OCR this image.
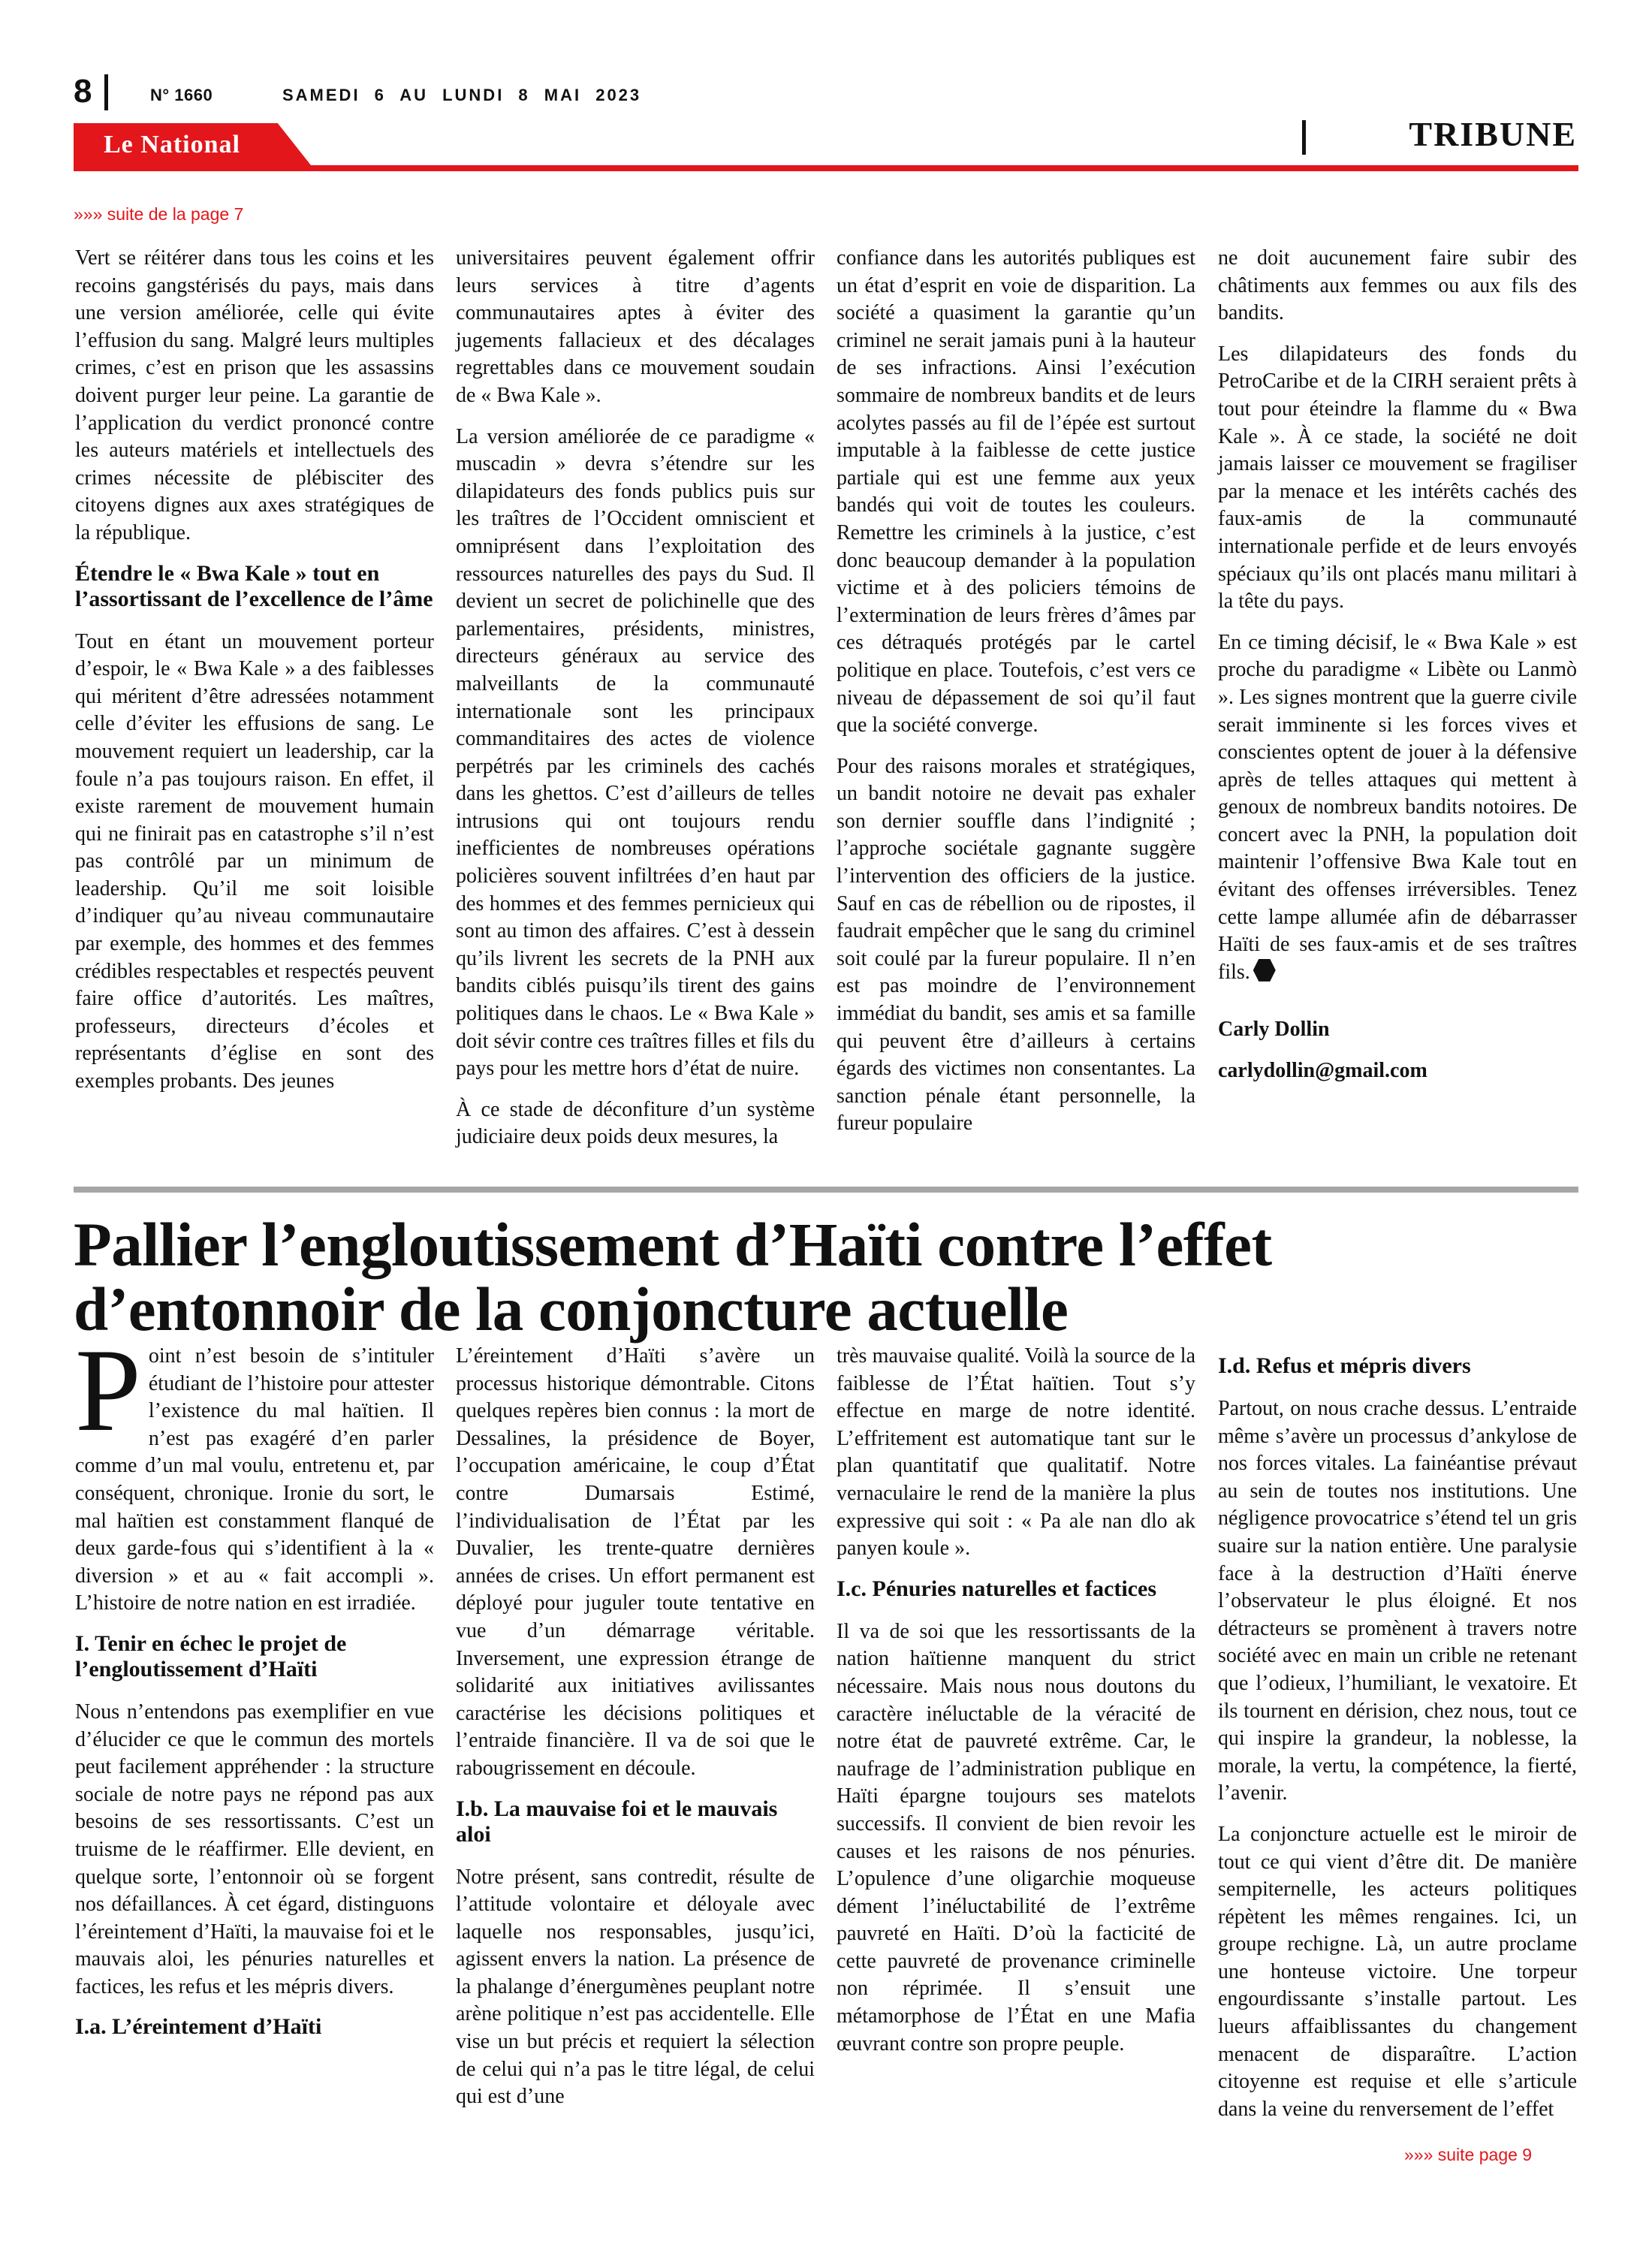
8	N° 1660	SAMEDI 6 AU LUNDI 8 MAI 2023
Le National	TRIBUNE
»»» suite de la page 7

Vert se réitérer dans tous les coins et les recoins gangstérisés du pays, mais dans une version améliorée, celle qui évite l’effusion du sang. Malgré leurs multiples crimes, c’est en prison que les assassins doivent purger leur peine. La garantie de l’application du verdict prononcé contre les auteurs matériels et intellectuels des crimes nécessite de plébisciter des citoyens dignes aux axes stratégiques de la république.

Étendre le « Bwa Kale » tout en l’assortissant de l’excellence de l’âme

Tout en étant un mouvement porteur d’espoir, le « Bwa Kale » a des faiblesses qui méritent d’être adressées notamment celle d’éviter les effusions de sang. Le mouvement requiert un leadership, car la foule n’a pas toujours raison. En effet, il existe rarement de mouvement humain qui ne finirait pas en catastrophe s’il n’est pas contrôlé par un minimum de leadership. Qu’il me soit loisible d’indiquer qu’au niveau communautaire par exemple, des hommes et des femmes crédibles respectables et respectés peuvent faire office d’autorités. Les maîtres, professeurs, directeurs d’écoles et représentants d’église en sont des exemples probants. Des jeunes

universitaires peuvent également offrir leurs services à titre d’agents communautaires aptes à éviter des jugements fallacieux et des décalages regrettables dans ce mouvement soudain de « Bwa Kale ».

La version améliorée de ce paradigme « muscadin » devra s’étendre sur les dilapidateurs des fonds publics puis sur les traîtres de l’Occident omniscient et omniprésent dans l’exploitation des ressources naturelles des pays du Sud. Il devient un secret de polichinelle que des parlementaires, présidents, ministres, directeurs généraux au service des malveillants de la communauté internationale sont les principaux commanditaires des actes de violence perpétrés par les criminels des cachés dans les ghettos. C’est d’ailleurs de telles intrusions qui ont toujours rendu inefficientes de nombreuses opérations policières souvent infiltrées d’en haut par des hommes et des femmes pernicieux qui sont au timon des affaires. C’est à dessein qu’ils livrent les secrets de la PNH aux bandits ciblés puisqu’ils tirent des gains politiques dans le chaos. Le « Bwa Kale » doit sévir contre ces traîtres filles et fils du pays pour les mettre hors d’état de nuire.

À ce stade de déconfiture d’un système judiciaire deux poids deux mesures, la

confiance dans les autorités publiques est un état d’esprit en voie de disparition. La société a quasiment la garantie qu’un criminel ne serait jamais puni à la hauteur de ses infractions. Ainsi l’exécution sommaire de nombreux bandits et de leurs acolytes passés au fil de l’épée est surtout imputable à la faiblesse de cette justice partiale qui est une femme aux yeux bandés qui voit de toutes les couleurs. Remettre les criminels à la justice, c’est donc beaucoup demander à la population victime et à des policiers témoins de l’extermination de leurs frères d’âmes par ces détraqués protégés par le cartel politique en place. Toutefois, c’est vers ce niveau de dépassement de soi qu’il faut que la société converge.

Pour des raisons morales et stratégiques, un bandit notoire ne devait pas exhaler son dernier souffle dans l’indignité ; l’approche sociétale gagnante suggère l’intervention des officiers de la justice. Sauf en cas de rébellion ou de ripostes, il faudrait empêcher que le sang du criminel soit coulé par la fureur populaire. Il n’en est pas moindre de l’environnement immédiat du bandit, ses amis et sa famille qui peuvent être d’ailleurs à certains égards des victimes non consentantes. La sanction pénale étant personnelle, la fureur populaire

ne doit aucunement faire subir des châtiments aux femmes ou aux fils des bandits.

Les dilapidateurs des fonds du PetroCaribe et de la CIRH seraient prêts à tout pour éteindre la flamme du « Bwa Kale ». À ce stade, la société ne doit jamais laisser ce mouvement se fragiliser par la menace et les intérêts cachés des faux-amis de la communauté internationale perfide et de leurs envoyés spéciaux qu’ils ont placés manu militari à la tête du pays.

En ce timing décisif, le « Bwa Kale » est proche du paradigme « Libète ou Lanmò ». Les signes montrent que la guerre civile serait imminente si les forces vives et conscientes optent de jouer à la défensive après de telles attaques qui mettent à genoux de nombreux bandits notoires. De concert avec la PNH, la population doit maintenir l’offensive Bwa Kale tout en évitant des offenses irréversibles. Tenez cette lampe allumée afin de débarrasser Haïti de ses faux-amis et de ses traîtres fils.

Carly Dollin

carlydollin@gmail.com

Pallier l’engloutissement d’Haïti contre l’effet d’entonnoir de la conjoncture actuelle

Point n’est besoin de s’intituler étudiant de l’histoire pour attester l’existence du mal haïtien. Il n’est pas exagéré d’en parler comme d’un mal voulu, entretenu et, par conséquent, chronique. Ironie du sort, le mal haïtien est constamment flanqué de deux garde-fous qui s’identifient à la « diversion » et au « fait accompli ». L’histoire de notre nation en est irradiée.

I. Tenir en échec le projet de l’engloutissement d’Haïti

Nous n’entendons pas exemplifier en vue d’élucider ce que le commun des mortels peut facilement appréhender : la structure sociale de notre pays ne répond pas aux besoins de ses ressortissants. C’est un truisme de le réaffirmer. Elle devient, en quelque sorte, l’entonnoir où se forgent nos défaillances. À cet égard, distinguons l’éreintement d’Haïti, la mauvaise foi et le mauvais aloi, les pénuries naturelles et factices, les refus et les mépris divers.

I.a. L’éreintement d’Haïti

L’éreintement d’Haïti s’avère un processus historique démontrable. Citons quelques repères bien connus : la mort de Dessalines, la présidence de Boyer, l’occupation américaine, le coup d’État contre Dumarsais Estimé, l’individualisation de l’État par les Duvalier, les trente-quatre dernières années de crises. Un effort permanent est déployé pour juguler toute tentative en vue d’un démarrage véritable. Inversement, une expression étrange de solidarité aux initiatives avilissantes caractérise les décisions politiques et l’entraide financière. Il va de soi que le rabougrissement en découle.

I.b. La mauvaise foi et le mauvais aloi

Notre présent, sans contredit, résulte de l’attitude volontaire et déloyale avec laquelle nos responsables, jusqu’ici, agissent envers la nation. La présence de la phalange d’énergumènes peuplant notre arène politique n’est pas accidentelle. Elle vise un but précis et requiert la sélection de celui qui n’a pas le titre légal, de celui qui est d’une

très mauvaise qualité. Voilà la source de la faiblesse de l’État haïtien. Tout s’y effectue en marge de notre identité. L’effritement est automatique tant sur le plan quantitatif que qualitatif. Notre vernaculaire le rend de la manière la plus expressive qui soit : « Pa ale nan dlo ak panyen koule ».

I.c. Pénuries naturelles et factices

Il va de soi que les ressortissants de la nation haïtienne manquent du strict nécessaire. Mais nous nous doutons du caractère inéluctable de la véracité de notre état de pauvreté extrême. Car, le naufrage de l’administration publique en Haïti épargne toujours ses matelots successifs. Il convient de bien revoir les causes et les raisons de nos pénuries. L’opulence d’une oligarchie moqueuse dément l’inéluctabilité de l’extrême pauvreté en Haïti. D’où la facticité de cette pauvreté de provenance criminelle non réprimée. Il s’ensuit une métamorphose de l’État en une Mafia œuvrant contre son propre peuple.

I.d. Refus et mépris divers

Partout, on nous crache dessus. L’entraide même s’avère un processus d’ankylose de nos forces vitales. La fainéantise prévaut au sein de toutes nos institutions. Une négligence provocatrice s’étend tel un gris suaire sur la nation entière. Une paralysie face à la destruction d’Haïti énerve l’observateur le plus éloigné. Et nos détracteurs se promènent à travers notre société avec en main un crible ne retenant que l’odieux, l’humiliant, le vexatoire. Et ils tournent en dérision, chez nous, tout ce qui inspire la grandeur, la noblesse, la morale, la vertu, la compétence, la fierté, l’avenir.

La conjoncture actuelle est le miroir de tout ce qui vient d’être dit. De manière sempiternelle, les acteurs politiques répètent les mêmes rengaines. Ici, un groupe rechigne. Là, un autre proclame une honteuse victoire. Une torpeur engourdissante s’installe partout. Les lueurs affaiblissantes du changement menacent de disparaître. L’action citoyenne est requise et elle s’articule dans la veine du renversement de l’effet

»»» suite page 9
